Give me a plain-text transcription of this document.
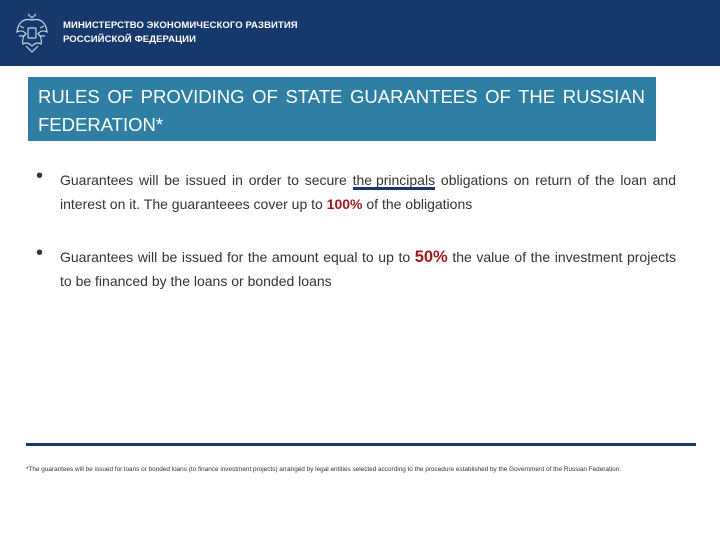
МИНИСТЕРСТВО ЭКОНОМИЧЕСКОГО РАЗВИТИЯ
РОССИЙСКОЙ ФЕДЕРАЦИИ

RULES OF PROVIDING OF STATE GUARANTEES OF THE RUSSIAN FEDERATION*

• Guarantees will be issued in order to secure the principals obligations on return of the loan and interest on it. The guaranteees cover up to 100% of the obligations
• Guarantees will be issued for the amount equal to up to 50% the value of the investment projects to be financed by the loans or bonded loans
*The guarantees will be issued for loans or bonded loans (to finance investment projects) arranged by legal entities selected according to the procedure established by the Government of the Russian Federation.
